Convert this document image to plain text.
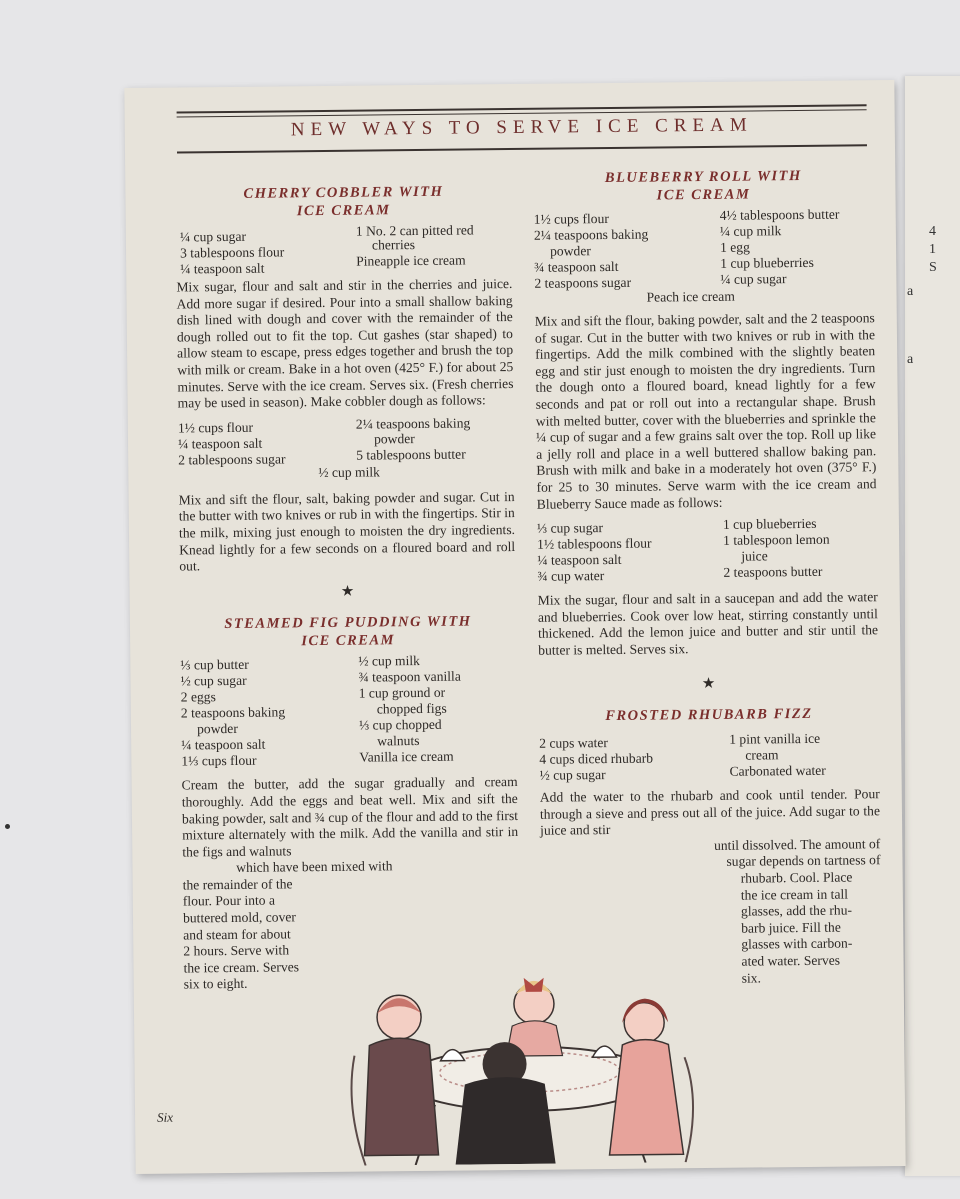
4
1
S
a
a
NEW WAYS TO SERVE ICE CREAM
CHERRY COBBLER WITH
ICE CREAM
¼ cup sugar
3 tablespoons flour
¼ teaspoon salt
1 No. 2 can pitted red
cherries
Pineapple ice cream

Mix sugar, flour and salt and stir in the cherries and juice. Add more sugar if desired. Pour into a small shallow baking dish lined with dough and cover with the remainder of the dough rolled out to fit the top. Cut gashes (star shaped) to allow steam to escape, press edges together and brush the top with milk or cream. Bake in a hot oven (425° F.) for about 25 minutes. Serve with the ice cream. Serves six. (Fresh cherries may be used in season). Make cobbler dough as follows:

1½ cups flour
¼ teaspoon salt
2 tablespoons sugar
2¼ teaspoons baking
powder
5 tablespoons butter
½ cup milk

Mix and sift the flour, salt, baking powder and sugar. Cut in the butter with two knives or rub in with the fingertips. Stir in the milk, mixing just enough to moisten the dry ingredients. Knead lightly for a few seconds on a floured board and roll out.

★
STEAMED FIG PUDDING WITH
ICE CREAM
⅓ cup butter
½ cup sugar
2 eggs
2 teaspoons baking
powder
¼ teaspoon salt
1⅓ cups flour
½ cup milk
¾ teaspoon vanilla
1 cup ground or
chopped figs
⅓ cup chopped
walnuts
Vanilla ice cream

Cream the butter, add the sugar gradually and cream thoroughly. Add the eggs and beat well. Mix and sift the baking powder, salt and ¾ cup of the flour and add to the first mixture alternately with the milk. Add the vanilla and stir in the figs and walnuts

which have been mixed with
the remainder of the
flour. Pour into a
buttered mold, cover
and steam for about
2 hours. Serve with
the ice cream. Serves
six to eight.
BLUEBERRY ROLL WITH
ICE CREAM
1½ cups flour
2¼ teaspoons baking
powder
¾ teaspoon salt
2 teaspoons sugar
4½ tablespoons butter
¼ cup milk
1 egg
1 cup blueberries
¼ cup sugar
Peach ice cream

Mix and sift the flour, baking powder, salt and the 2 teaspoons of sugar. Cut in the butter with two knives or rub in with the fingertips. Add the milk combined with the slightly beaten egg and stir just enough to moisten the dry ingredients. Turn the dough onto a floured board, knead lightly for a few seconds and pat or roll out into a rectangular shape. Brush with melted butter, cover with the blueberries and sprinkle the ¼ cup of sugar and a few grains salt over the top. Roll up like a jelly roll and place in a well buttered shallow baking pan. Brush with milk and bake in a moderately hot oven (375° F.) for 25 to 30 minutes. Serve warm with the ice cream and Blueberry Sauce made as follows:

⅓ cup sugar
1½ tablespoons flour
¼ teaspoon salt
¾ cup water
1 cup blueberries
1 tablespoon lemon
juice
2 teaspoons butter

Mix the sugar, flour and salt in a saucepan and add the water and blueberries. Cook over low heat, stirring constantly until thickened. Add the lemon juice and butter and stir until the butter is melted. Serves six.

★
FROSTED RHUBARB FIZZ
2 cups water
4 cups diced rhubarb
½ cup sugar
1 pint vanilla ice
cream
Carbonated water

Add the water to the rhubarb and cook until tender. Pour through a sieve and press out all of the juice. Add sugar to the juice and stir

until dissolved. The amount of
sugar depends on tartness of
rhubarb. Cool. Place
the ice cream in tall
glasses, add the rhu-
barb juice. Fill the
glasses with carbon-
ated water. Serves
six.
Six
